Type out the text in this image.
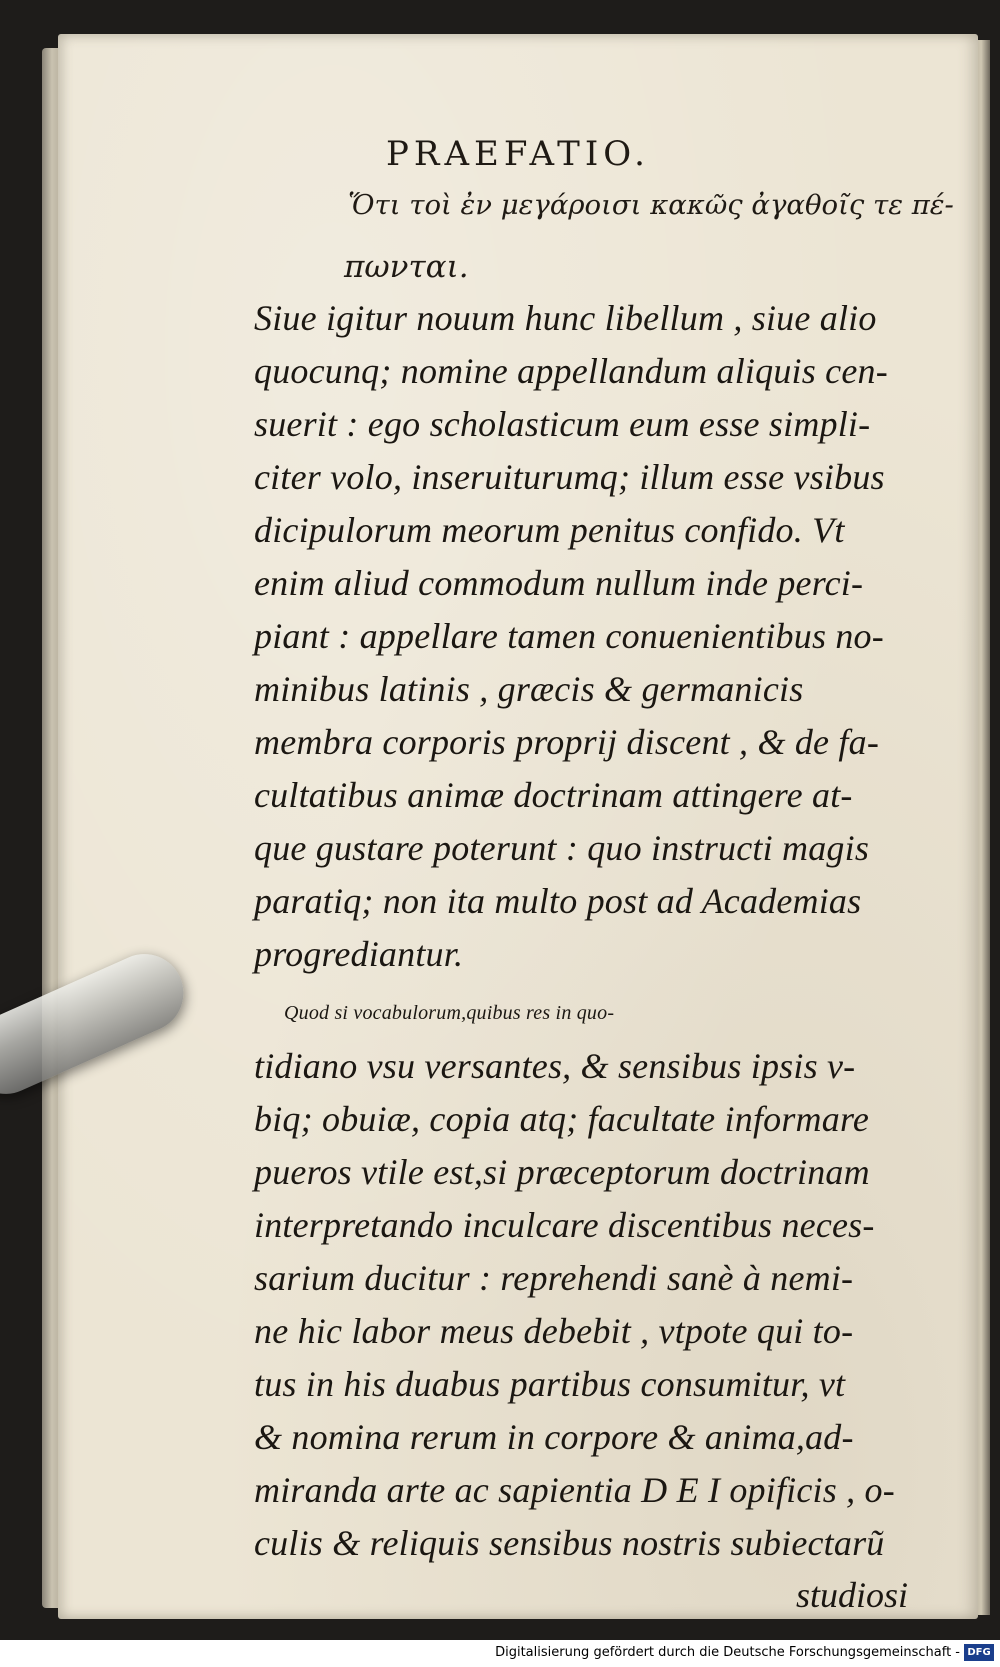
PRAEFATIO.
Ὅτι τοὶ ἐν μεγάροισι κακῶς ἀγαθοῖς τε πέ-
πωνται.
Siue igitur nouum hunc libellum , siue alio
quocunq; nomine appellandum aliquis cen-
suerit : ego scholasticum eum esse simpli-
citer volo, inseruiturumq; illum esse vsibus
dicipulorum meorum penitus confido. Vt
enim aliud commodum nullum inde perci-
piant : appellare tamen conuenientibus no-
minibus latinis , græcis & germanicis
membra corporis proprij discent , & de fa-
cultatibus animæ doctrinam attingere at-
que gustare poterunt : quo instructi magis
paratiq; non ita multo post ad Academias
progrediantur.
Quod si vocabulorum,quibus res in quo-
tidiano vsu versantes, & sensibus ipsis v-
biq; obuiæ, copia atq; facultate informare
pueros vtile est,si præceptorum doctrinam
interpretando inculcare discentibus neces-
sarium ducitur : reprehendi sanè à nemi-
ne hic labor meus debebit , vtpote qui to-
tus in his duabus partibus consumitur, vt
& nomina rerum in corpore & anima,ad-
miranda arte ac sapientia D E I opificis , o-
culis & reliquis sensibus nostris subiectarũ
studiosi
Digitalisierung gefördert durch die Deutsche Forschungsgemeinschaft - DFG
